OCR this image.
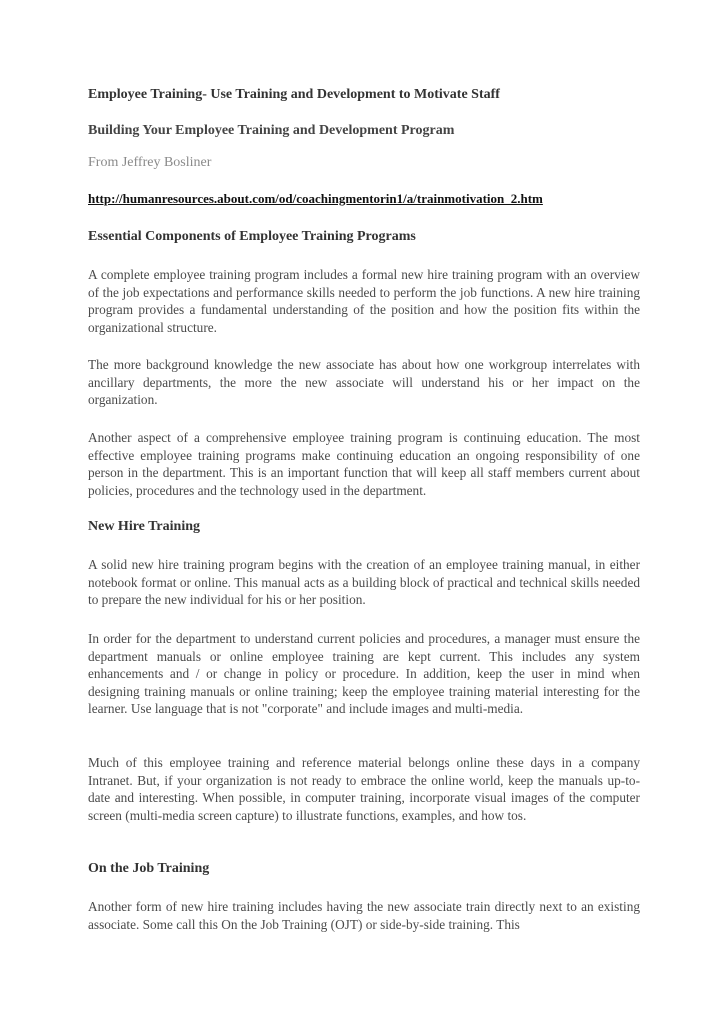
Employee Training- Use Training and Development to Motivate Staff
Building Your Employee Training and Development Program

From Jeffrey Bosliner

http://humanresources.about.com/od/coachingmentorin1/a/trainmotivation_2.htm
Essential Components of Employee Training Programs

A complete employee training program includes a formal new hire training program with an overview of the job expectations and performance skills needed to perform the job functions. A new hire training program provides a fundamental understanding of the position and how the position fits within the organizational structure.

The more background knowledge the new associate has about how one workgroup interrelates with ancillary departments, the more the new associate will understand his or her impact on the organization.

Another aspect of a comprehensive employee training program is continuing education. The most effective employee training programs make continuing education an ongoing responsibility of one person in the department. This is an important function that will keep all staff members current about policies, procedures and the technology used in the department.

New Hire Training

A solid new hire training program begins with the creation of an employee training manual, in either notebook format or online. This manual acts as a building block of practical and technical skills needed to prepare the new individual for his or her position.

In order for the department to understand current policies and procedures, a manager must ensure the department manuals or online employee training are kept current. This includes any system enhancements and / or change in policy or procedure. In addition, keep the user in mind when designing training manuals or online training; keep the employee training material interesting for the learner. Use language that is not "corporate" and include images and multi-media.

Much of this employee training and reference material belongs online these days in a company Intranet. But, if your organization is not ready to embrace the online world, keep the manuals up-to-date and interesting. When possible, in computer training, incorporate visual images of the computer screen (multi-media screen capture) to illustrate functions, examples, and how tos.

On the Job Training

Another form of new hire training includes having the new associate train directly next to an existing associate. Some call this On the Job Training (OJT) or side-by-side training. This
